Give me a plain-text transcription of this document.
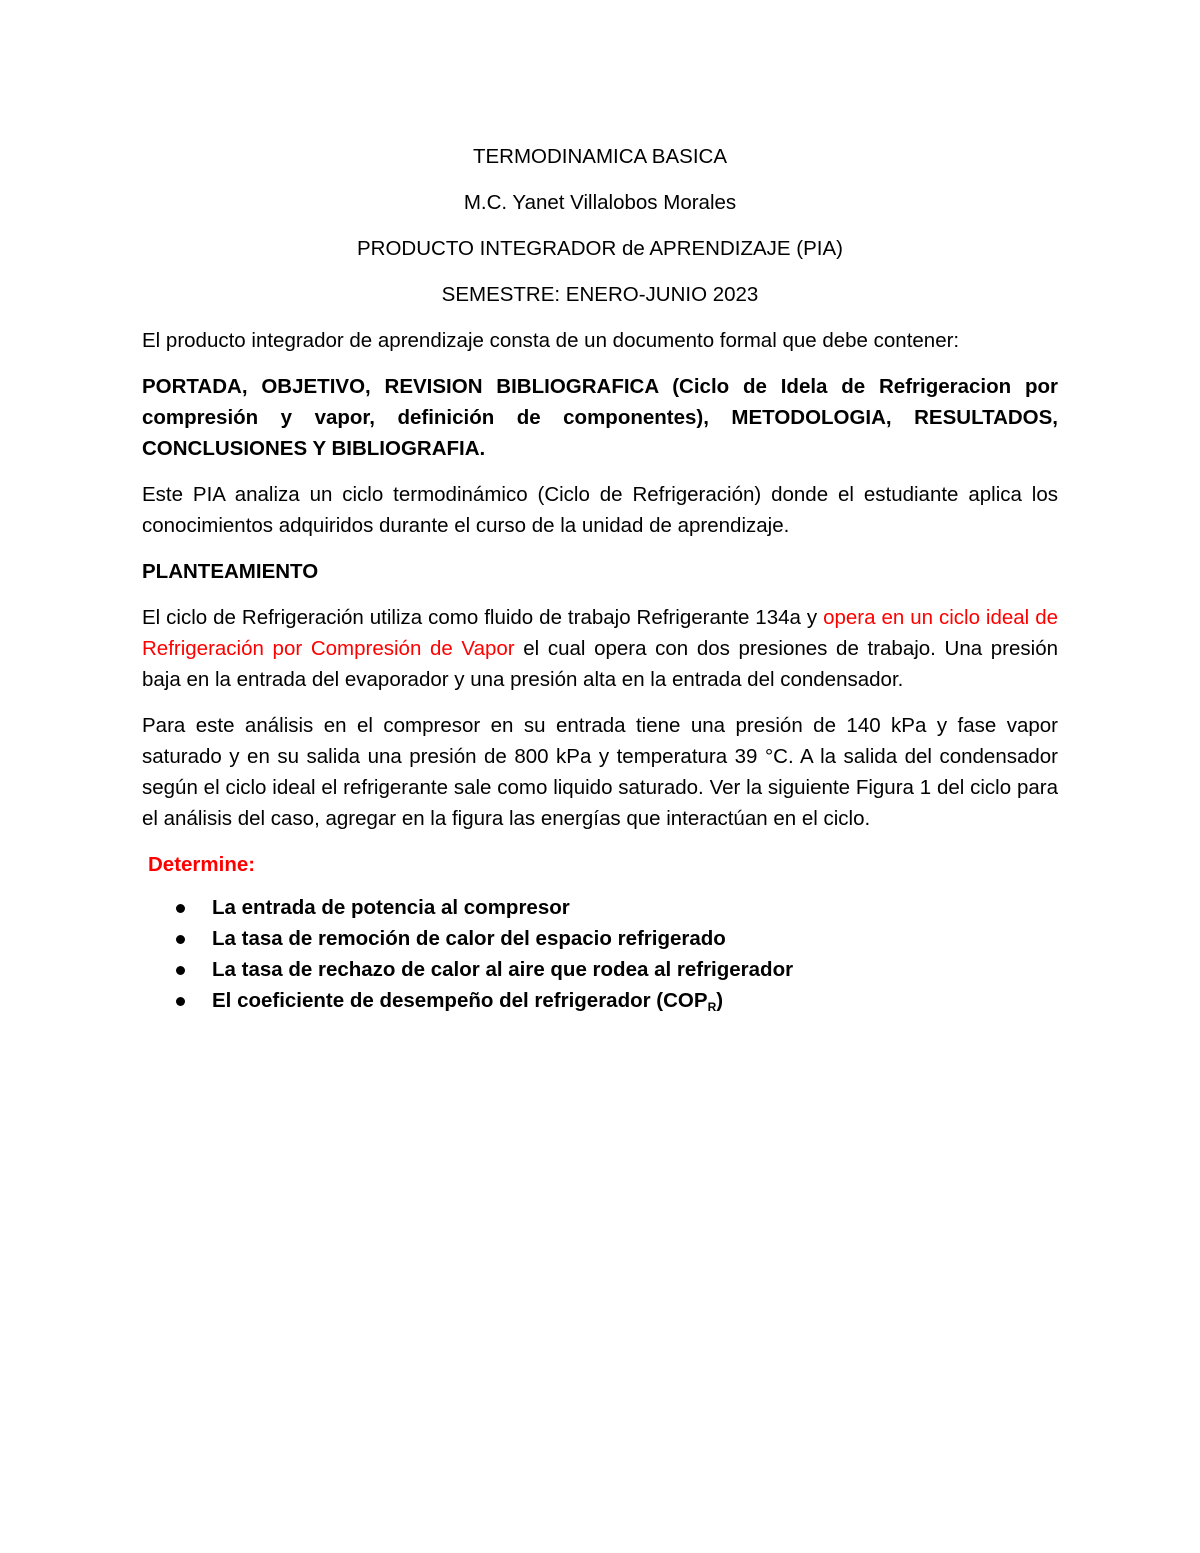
TERMODINAMICA BASICA

M.C. Yanet Villalobos Morales

PRODUCTO INTEGRADOR de APRENDIZAJE (PIA)

SEMESTRE: ENERO-JUNIO 2023

El producto integrador de aprendizaje consta de un documento formal que debe contener:

PORTADA, OBJETIVO, REVISION BIBLIOGRAFICA (Ciclo de Idela de Refrigeracion por compresión y vapor, definición de componentes), METODOLOGIA, RESULTADOS, CONCLUSIONES Y BIBLIOGRAFIA.

Este PIA analiza un ciclo termodinámico (Ciclo de Refrigeración) donde el estudiante aplica los conocimientos adquiridos durante el curso de la unidad de aprendizaje.

PLANTEAMIENTO

El ciclo de Refrigeración utiliza como fluido de trabajo Refrigerante 134a y opera en un ciclo ideal de Refrigeración por Compresión de Vapor el cual opera con dos presiones de trabajo. Una presión baja en la entrada del evaporador y una presión alta en la entrada del condensador.

Para este análisis en el compresor en su entrada tiene una presión de 140 kPa y fase vapor saturado y en su salida una presión de 800 kPa y temperatura 39 °C. A la salida del condensador según el ciclo ideal el refrigerante sale como liquido saturado. Ver la siguiente Figura 1 del ciclo para el análisis del caso, agregar en la figura las energías que interactúan en el ciclo.

Determine:

La entrada de potencia al compresor
La tasa de remoción de calor del espacio refrigerado
La tasa de rechazo de calor al aire que rodea al refrigerador
El coeficiente de desempeño del refrigerador $(COP_R)$
